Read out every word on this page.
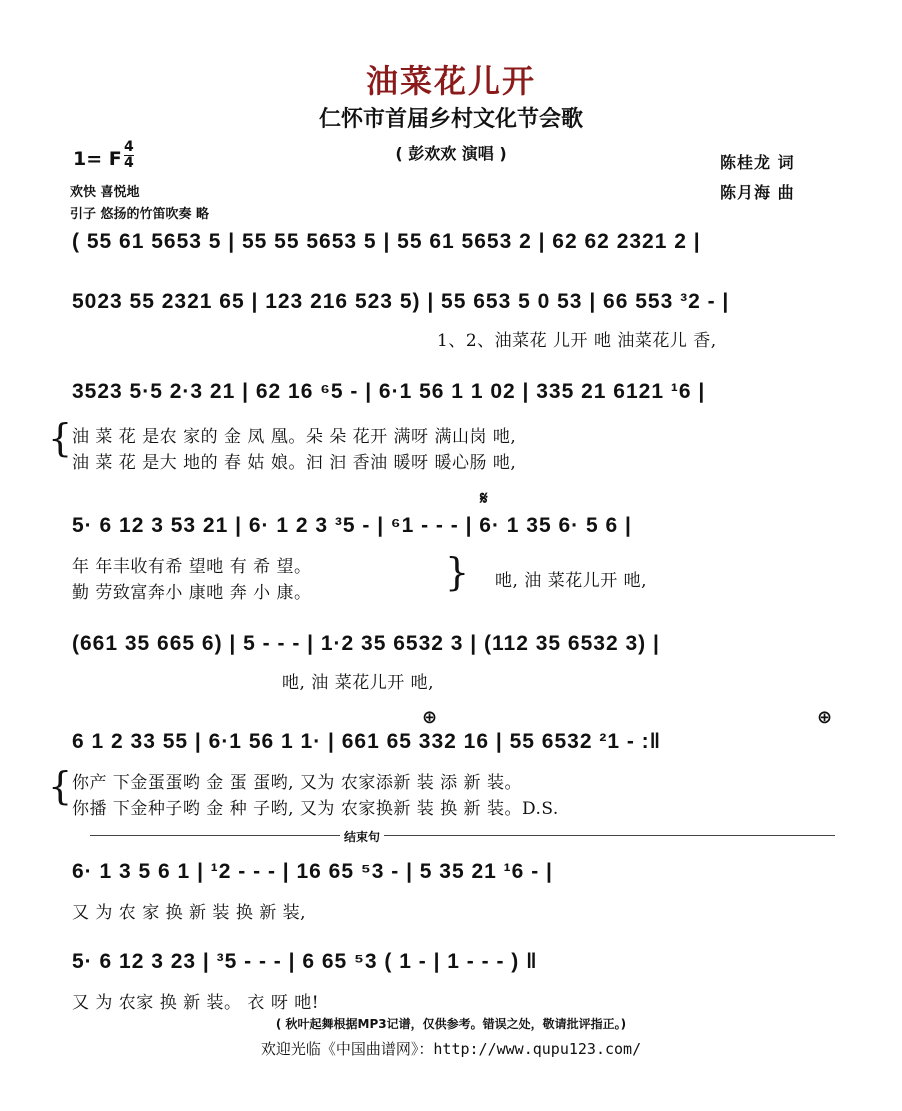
油菜花儿开
仁怀市首届乡村文化节会歌
( 彭欢欢 演唱 )
1= F
4
4
欢快 喜悦地
引子 悠扬的竹笛吹奏 略
陈桂龙 词
陈月海 曲
( 55 61 5653 5 | 55 55 5653 5 | 55 61 5653 2 | 62 62 2321 2 |
5023 55 2321 65 | 123 216 523 5) | 55 653 5 0 53 | 66 553 ³2 - |
1、2、油菜花 儿开 吔 油菜花儿 香,
3523 5·5 2·3 21 | 62 16 ⁶5 - | 6·1 56 1 1 02 | 335 21 6121 ¹6 |
{ 油 菜 花 是农 家的 金 凤 凰。朵 朵 花开 满呀 满山岗 吔,
油 菜 花 是大 地的 春 姑 娘。汩 汩 香油 暖呀 暖心肠 吔,
𝄋
5· 6 12 3 53 21 | 6· 1 2 3 ³5 - | ⁶1 - - - | 6· 1 35 6· 5 6 |
年 年丰收有希 望吔 有 希 望。
勤 劳致富奔小 康吔 奔 小 康。	} 吔, 油 菜花儿开 吔,
(661 35 665 6) | 5 - - - | 1·2 35 6532 3 | (112 35 6532 3) |
吔, 油 菜花儿开 吔,
⊕	⊕
6 1 2 33 55 | 6·1 56 1 1· | 661 65 332 16 | 55 6532 ²1 - :‖
{ 你产 下金蛋蛋哟 金 蛋 蛋哟, 又为 农家添新 装 添 新 装。
你播 下金种子哟 金 种 子哟, 又为 农家换新 装 换 新 装。D.S.
结束句
6· 1 3 5 6 1 | ¹2 - - - | 16 65 ⁵3 - | 5 35 21 ¹6 - |
又 为 农 家 换 新 装 换 新 装,
5· 6 12 3 23 | ³5 - - - | 6 65 ⁵3 ( 1 - | 1 - - - ) ‖
又 为 农家 换 新 装。 衣 呀 吔!
( 秋叶起舞根据MP3记谱，仅供参考。错误之处，敬请批评指正。)
欢迎光临《中国曲谱网》：http://www.qupu123.com/
